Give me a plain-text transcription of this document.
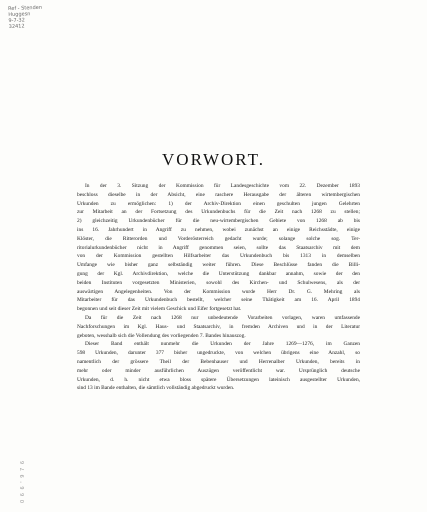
Ref - Stenden
Huggesn
9-7-32
32412
0 6 6 ' 9 7 6
VORWORT.
In der 3. Sitzung der Kommission für Landesgeschichte vom 22. Dezember 1893
beschloss dieselbe in der Absicht, eine raschere Herausgabe der älteren wirtembergischen
Urkunden zu ermöglichen: 1) der Archiv-Direktion einen geschulten jungen Gelehrten
zur Mitarbeit an der Fortsetzung des Urkundenbuchs für die Zeit nach 1268 zu stellen;
2) gleichzeitig Urkundenbücher für die neu-wirtembergischen Gebiete von 1268 ab bis
ins 16. Jahrhundert in Angriff zu nehmen, wobei zunächst an einige Reichsstädte, einige
Klöster, die Ritterorden und Vorderösterreich gedacht wurde; solange solche sog. Ter-
ritorialurkundenbücher nicht in Angriff genommen seien, sollte das Staatsarchiv mit dem
von der Kommission gestellten Hilfsarbeiter das Urkundenbuch bis 1313 in demselben
Umfange wie bisher ganz selbständig weiter führen. Diese Beschlüsse fanden die Billi-
gung der Kgl. Archivdirektion, welche die Unterstützung dankbar annahm, sowie der den
beiden Instituten vorgesetzten Ministerien, sowohl des Kirchen- und Schulwesens, als der
auswärtigen Angelegenheiten. Von der Kommission wurde Herr Dr. G. Mehring als
Mitarbeiter für das Urkundenbuch bestellt, welcher seine Thätigkeit am 16. April 1894
begonnen und seit dieser Zeit mit vielem Geschick und Eifer fortgesetzt hat.
Da für die Zeit nach 1268 nur unbedeutende Vorarbeiten vorlagen, waren umfassende
Nachforschungen im Kgl. Haus- und Staatsarchiv, in fremden Archiven und in der Literatur
geboten, wesshalb sich die Vollendung des vorliegenden 7. Bandes hinauszog.
Dieser Band enthält nunmehr die Urkunden der Jahre 1269—1276, im Ganzen
598 Urkunden, darunter 377 bisher ungedruckte, von welchen übrigens eine Anzahl, so
namentlich der grössere Theil der Bebenhauser und Herrenalber Urkunden, bereits in
mehr oder minder ausführlichen Auszügen veröffentlicht war. Ursprünglich deutsche
Urkunden, d. h. nicht etwa bloss spätere Übersetzungen lateinisch ausgestellter Urkunden,
sind 13 im Bande enthalten, die sämtlich vollständig abgedruckt wurden.
